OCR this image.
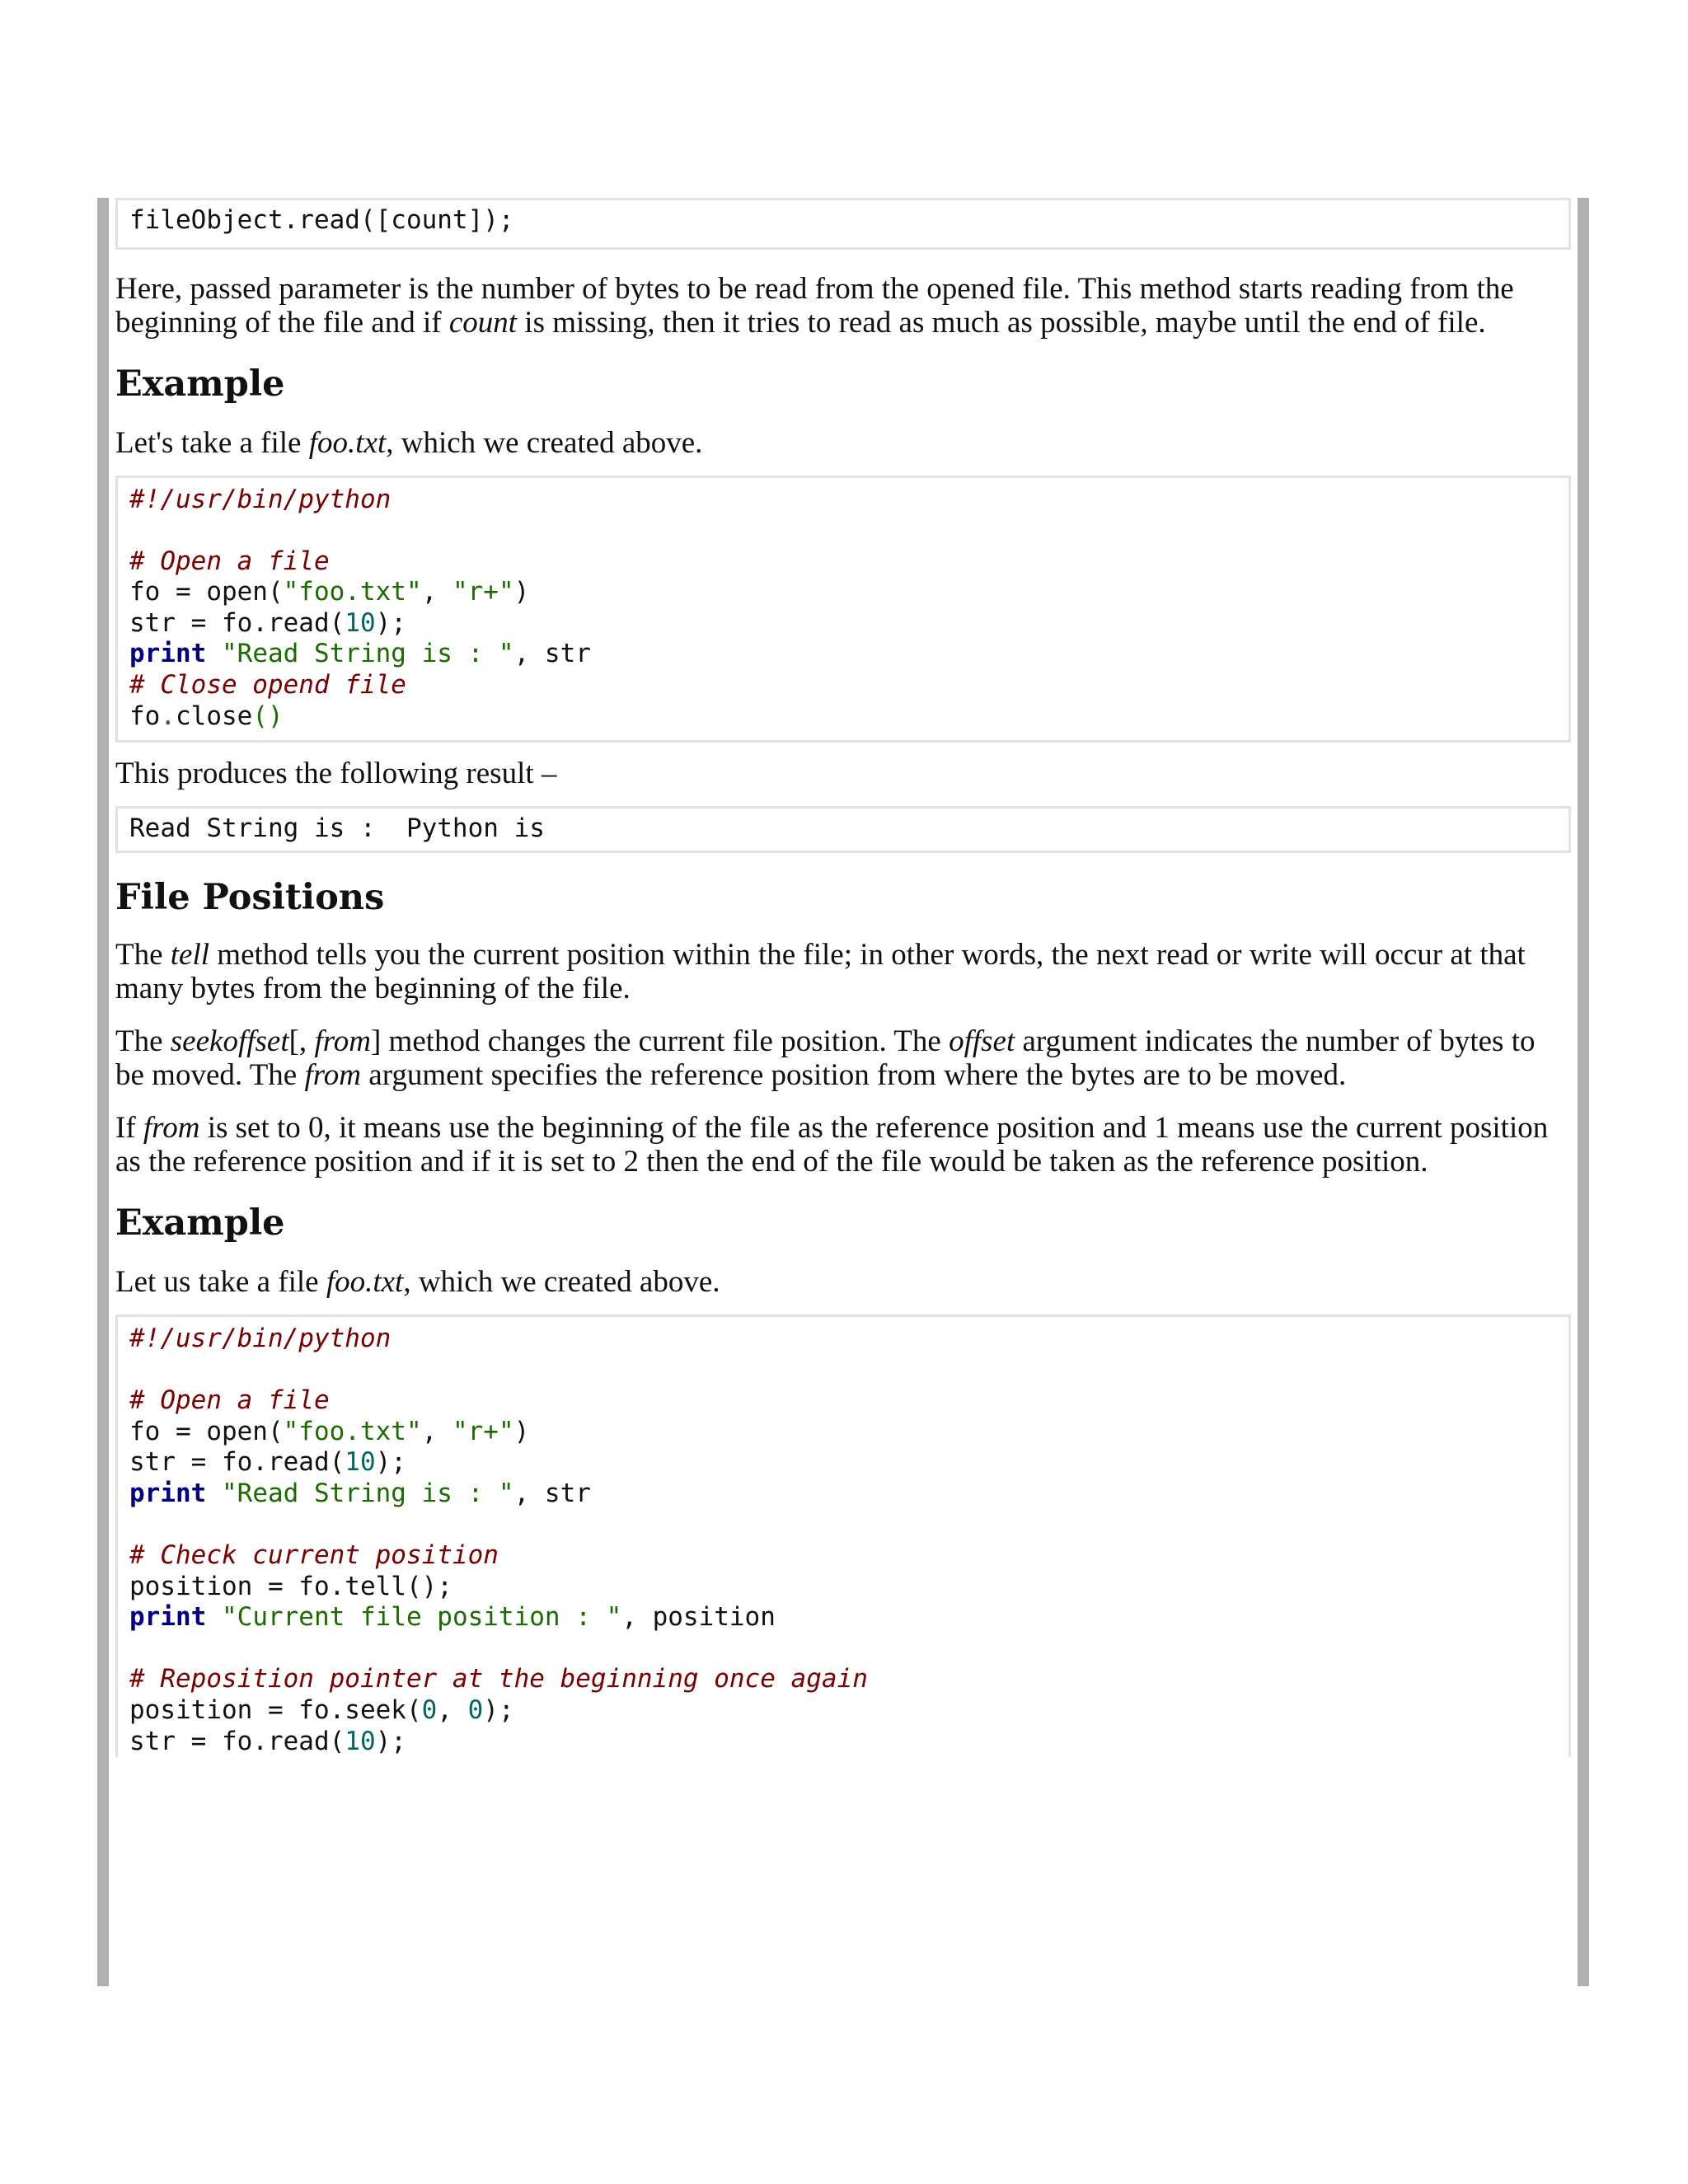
fileObject.read([count]);

Here, passed parameter is the number of bytes to be read from the opened file. This method starts reading from the beginning of the file and if count is missing, then it tries to read as much as possible, maybe until the end of file.

Example

Let's take a file foo.txt, which we created above.

#!/usr/bin/python
# Open a file
fo = open("foo.txt", "r+")
str = fo.read(10);
print "Read String is : ", str
# Close opend file
fo.close()

This produces the following result –

Read String is :  Python is
File Positions

The tell method tells you the current position within the file; in other words, the next read or write will occur at that many bytes from the beginning of the file.

The seekoffset[, from] method changes the current file position. The offset argument indicates the number of bytes to be moved. The from argument specifies the reference position from where the bytes are to be moved.

If from is set to 0, it means use the beginning of the file as the reference position and 1 means use the current position as the reference position and if it is set to 2 then the end of the file would be taken as the reference position.

Example

Let us take a file foo.txt, which we created above.

#!/usr/bin/python
# Open a file
fo = open("foo.txt", "r+")
str = fo.read(10);
print "Read String is : ", str
# Check current position
position = fo.tell();
print "Current file position : ", position
# Reposition pointer at the beginning once again
position = fo.seek(0, 0);
str = fo.read(10);
